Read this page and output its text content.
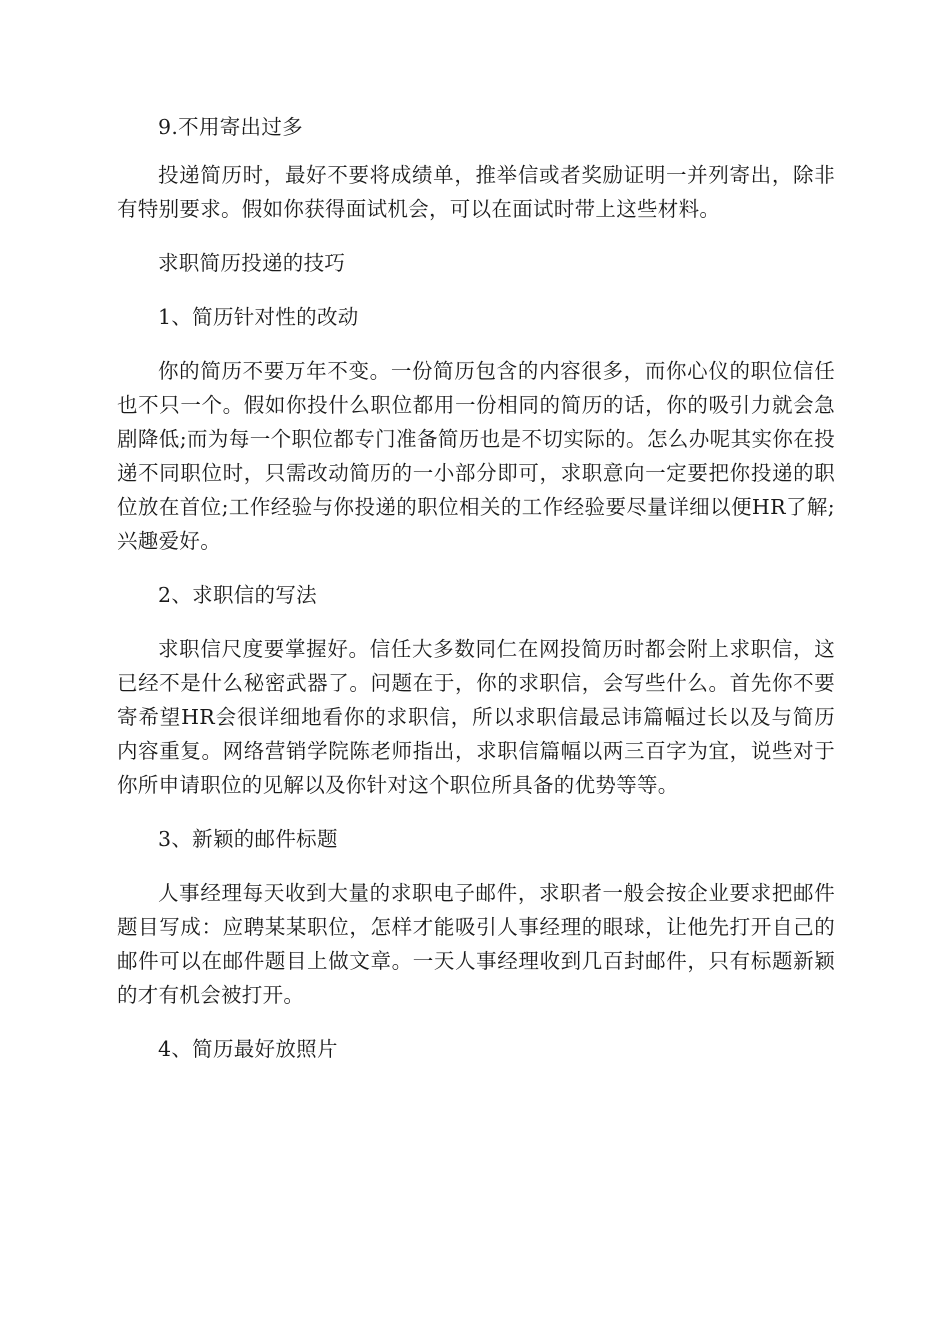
9.不用寄出过多

投递简历时，最好不要将成绩单，推举信或者奖励证明一并列寄出，除非有特别要求。假如你获得面试机会，可以在面试时带上这些材料。

求职简历投递的技巧

1、简历针对性的改动

你的简历不要万年不变。一份简历包含的内容很多，而你心仪的职位信任也不只一个。假如你投什么职位都用一份相同的简历的话，你的吸引力就会急剧降低;而为每一个职位都专门准备简历也是不切实际的。怎么办呢其实你在投递不同职位时，只需改动简历的一小部分即可，求职意向一定要把你投递的职位放在首位;工作经验与你投递的职位相关的工作经验要尽量详细以便HR了解;兴趣爱好。

2、求职信的写法

求职信尺度要掌握好。信任大多数同仁在网投简历时都会附上求职信，这已经不是什么秘密武器了。问题在于，你的求职信，会写些什么。首先你不要寄希望HR会很详细地看你的求职信，所以求职信最忌讳篇幅过长以及与简历内容重复。网络营销学院陈老师指出，求职信篇幅以两三百字为宜，说些对于你所申请职位的见解以及你针对这个职位所具备的优势等等。

3、新颖的邮件标题

人事经理每天收到大量的求职电子邮件，求职者一般会按企业要求把邮件题目写成：应聘某某职位，怎样才能吸引人事经理的眼球，让他先打开自己的邮件可以在邮件题目上做文章。一天人事经理收到几百封邮件，只有标题新颖的才有机会被打开。

4、简历最好放照片
